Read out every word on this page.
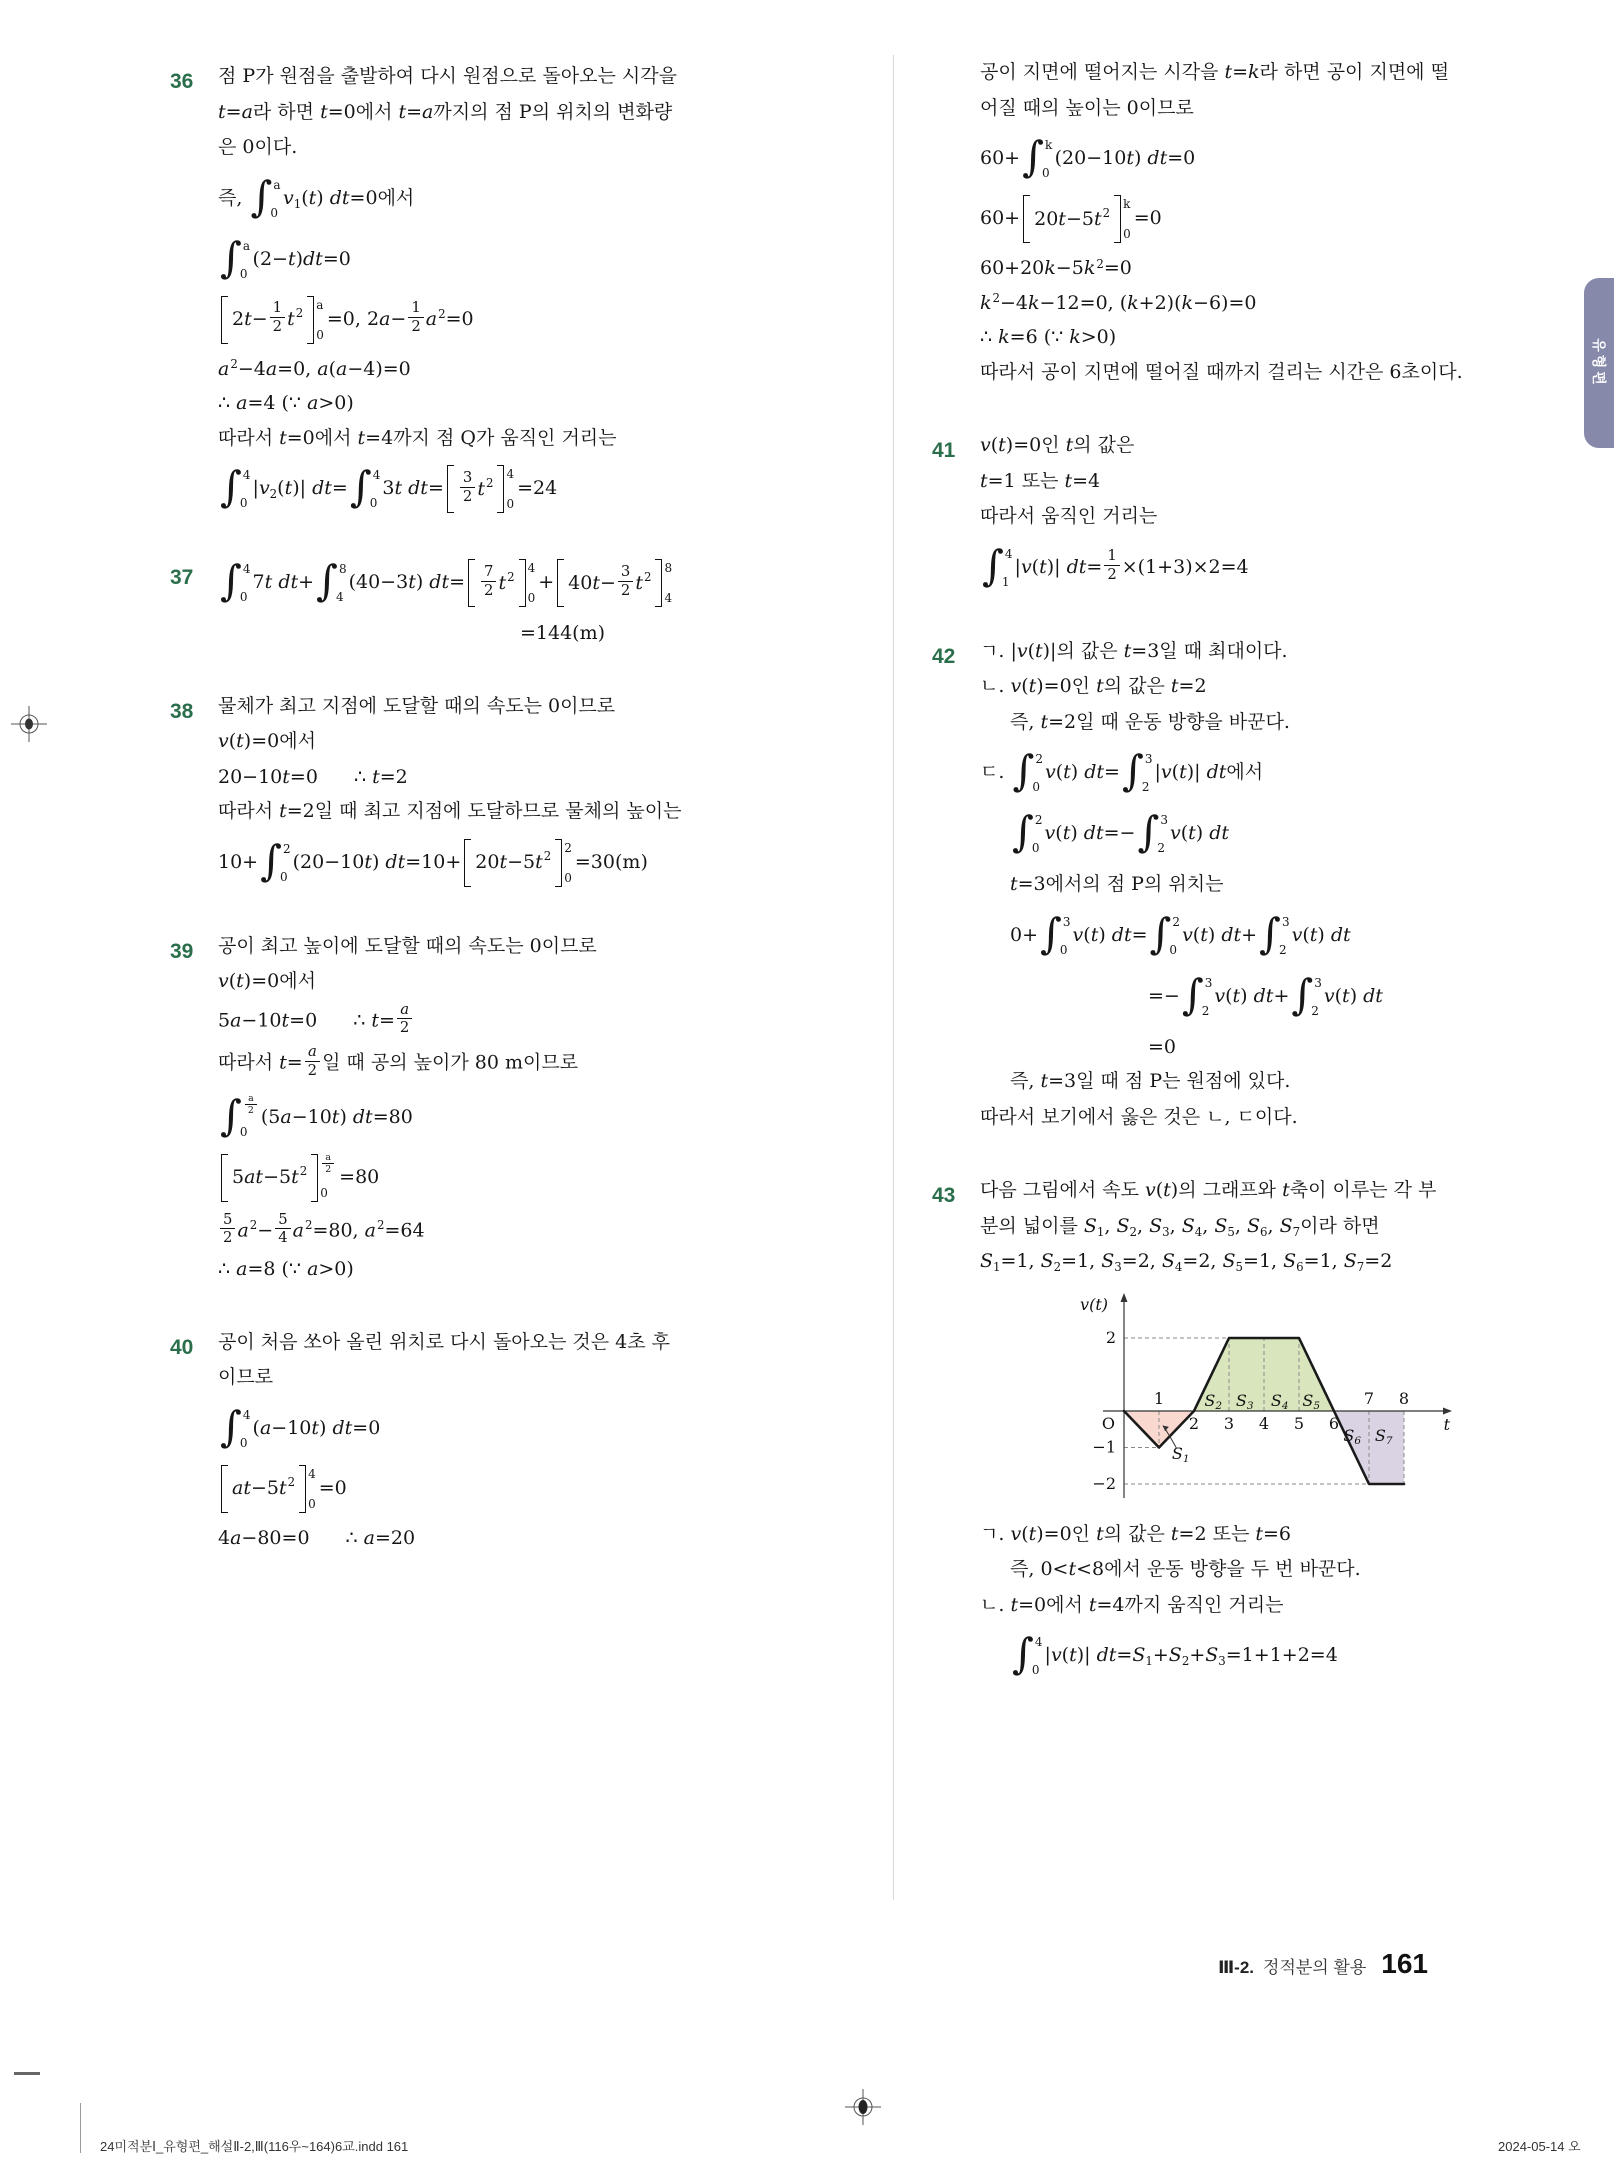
36 점 P가 원점을 출발하여 다시 원점으로 돌아오는 시각을
t=a라 하면 t=0에서 t=a까지의 점 P의 위치의 변화량
은 0이다.
즉, ∫ a
0
$v_1(t)$ dt=0에서
∫ a
0
(2−t)dt=0
2 $t - \frac{1}{2}$ t 2
a
0
=0, $2a- \frac{1}{2} a^2=0$
$a^2-4a=0$, a(a−4)=0
∴ a=4 (∵ a>0)
따라서 t=0에서 t=4까지 점 Q가 움직인 거리는
∫ 4
0
$|v_2(t)|$ dt= ∫ 4
0
3t $dt= \frac{3}{2}$ t 2
4
0
=24
37 ∫ 4
0
7t dt+ ∫ 8
4
(40−3t) $dt= \frac{7}{2}$ t 2
4
0
+ 40 $t - \frac{3}{2}$ t 2
8
4
=144(m)
38 물체가 최고 지점에 도달할 때의 속도는 0이므로
v(t)=0에서
20−10t=0 ∴ t=2
따라서 t=2일 때 최고 지점에 도달하므로 물체의 높이는
10+ ∫ 2
0
(20−10t) dt=10+ 20 t −5 t 2
2
0
=30(m)
39 공이 최고 높이에 도달할 때의 속도는 0이므로
v(t)=0에서
5a−10t=0 ∴ $t= \frac{a}{2}$
따라서 $t= \frac{a}{2}$ 일 때 공의 높이가 80 m이므로
∫ $\frac{a}{2}$
0
(5a−10t) dt=80
5 at −5 t $2 \frac{a}{2}$
0
=80
$\frac{5}{2} a^2- \frac{5}{4} a^2=80$, $a^2=64$
∴ a=8 (∵ a>0)
40 공이 처음 쏘아 올린 위치로 다시 돌아오는 것은 4초 후
이므로
∫ 4
0
(a−10t) dt=0
at −5 t 2
4
0
=0
4a−80=0 ∴ a=20
공이 지면에 떨어지는 시각을 t=k라 하면 공이 지면에 떨
어질 때의 높이는 0이므로
60+ ∫ k
0
(20−10t) dt=0
60+ 20 t −5 t 2
k
0
=0
$60+20k-5k^2=0$
$k^2-4k-12=0$, (k+2)(k−6)=0
∴ k=6 (∵ k>0)
따라서 공이 지면에 떨어질 때까지 걸리는 시간은 6초이다.
41 v(t)=0인 t의 값은
t=1 또는 t=4
따라서 움직인 거리는
∫ 4
1
|v(t)| $dt= \frac{1}{2} \times(1+3)\times 2=4$
42 ㄱ. |v(t)|의 값은 t=3일 때 최대이다.
ㄴ. v(t)=0인 t의 값은 t=2
즉, t=2일 때 운동 방향을 바꾼다.
ㄷ. ∫ 2
0
v(t) dt= ∫ 3
2
|v(t)| dt에서
∫ 2
0
v(t) dt=− ∫ 3
2
v(t) dt
t=3에서의 점 P의 위치는
0+ ∫ 3
0
v(t) dt= ∫ 2
0
v(t) dt+ ∫ 3
2
v(t) dt
=− ∫ 3
2
v(t) dt+ ∫ 3
2
v(t) dt
=0
즉, t=3일 때 점 P는 원점에 있다.
따라서 보기에서 옳은 것은 ㄴ, ㄷ이다.
43 다음 그림에서 속도 v(t)의 그래프와 t축이 이루는 각 부
분의 넓이를 $S_1$, $S_2$, $S_3$, $S_4$, $S_5$, $S_6$, $S_7$이라 하면
$S_1=1$, $S_2=1$, $S_3=2$, $S_4=2$, $S_5=1$, $S_6=1$, $S_7=2$
v(t)
t
O
2
−1
−2
2 3 4 5 6
1	7 8
S2 S3 S4 S5
S6 S7
S1
ㄱ. v(t)=0인 t의 값은 t=2 또는 t=6
즉, 0<t<8에서 운동 방향을 두 번 바꾼다.
ㄴ. t=0에서 t=4까지 움직인 거리는
∫ 4
0
|v(t)| $dt=S_1+S_2+S_3=1+1+2=4$
유형편
Ⅲ-2. 정적분의 활용 161
24미적분Ⅰ_유형편_해설Ⅱ-2,Ⅲ(116우~164)6교.indd 161	2024-05-14 오
